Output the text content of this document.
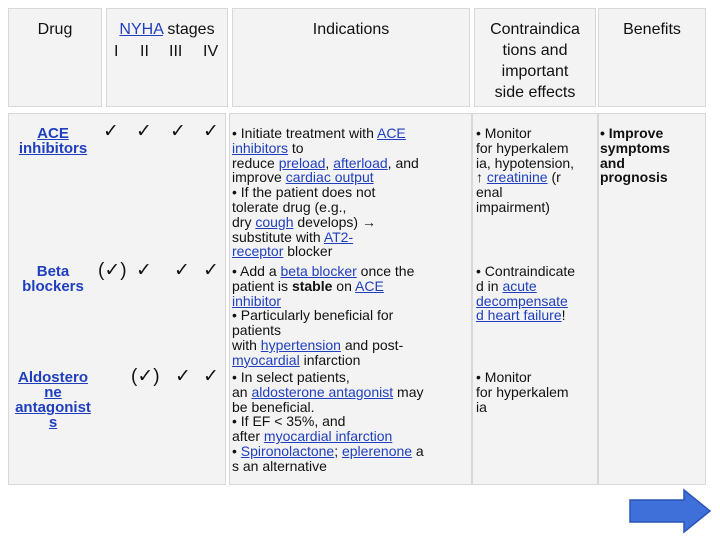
Drug	NYHA stages
I II III IV
Indications	Contraindica
tions and
important
side effects
Benefits
ACE
inhibitors
Beta
blockers
Aldostero
ne
antagonist
s
✓ ✓ ✓ ✓
(✓) ✓ ✓ ✓
(✓) ✓ ✓
• Initiate treatment with ACE
inhibitors to
reduce preload, afterload, and
improve cardiac output
• If the patient does not
tolerate drug (e.g.,
dry cough develops) →
substitute with AT2-
receptor blocker
• Add a beta blocker once the
patient is stable on ACE
inhibitor
• Particularly beneficial for
patients
with hypertension and post-
myocardial infarction
• In select patients,
an aldosterone antagonist may
be beneficial.
• If EF < 35%, and
after myocardial infarction
• Spironolactone; eplerenone a
s an alternative
• Monitor
for hyperkalem
ia, hypotension,
↑ creatinine (r
enal
impairment)
• Contraindicate
d in acute
decompensate
d heart failure!
• Monitor
for hyperkalem
ia
• Improve
symptoms
and
prognosis
